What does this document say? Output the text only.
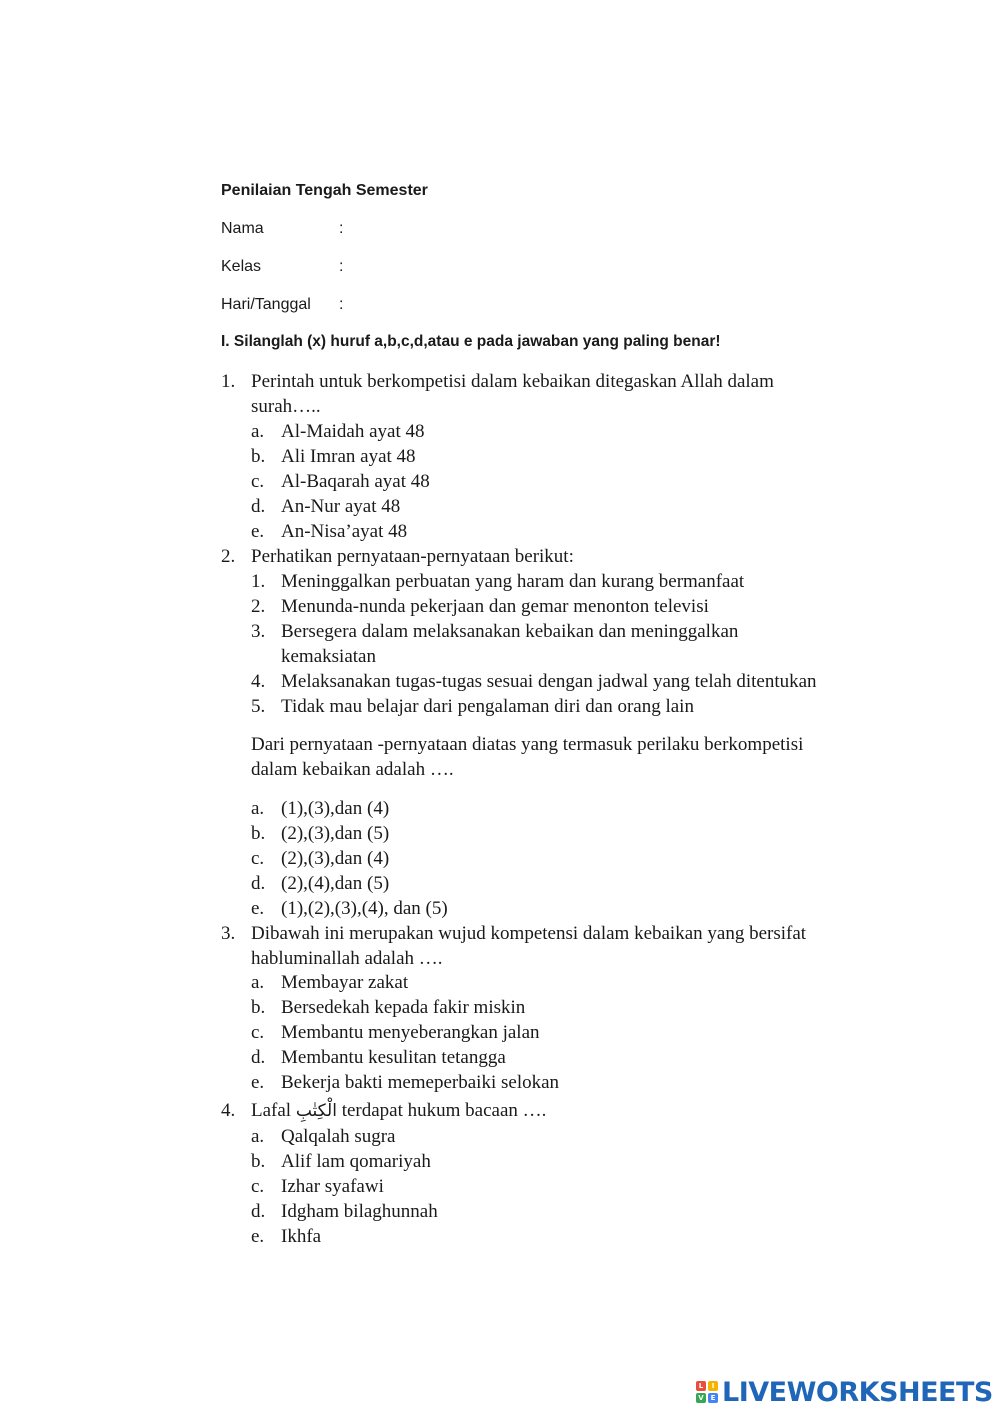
Penilaian Tengah Semester
Nama	:
Kelas	:
Hari/Tanggal :
I. Silanglah (x) huruf a,b,c,d,atau e pada jawaban yang paling benar!
1. Perintah untuk berkompetisi dalam kebaikan ditegaskan Allah dalam
surah…..
a. Al-Maidah ayat 48
b. Ali Imran ayat 48
c. Al-Baqarah ayat 48
d. An-Nur ayat 48
e. An-Nisa’ayat 48
2. Perhatikan pernyataan-pernyataan berikut:
1. Meninggalkan perbuatan yang haram dan kurang bermanfaat
2. Menunda-nunda pekerjaan dan gemar menonton televisi
3. Bersegera dalam melaksanakan kebaikan dan meninggalkan
kemaksiatan
4. Melaksanakan tugas-tugas sesuai dengan jadwal yang telah ditentukan
5. Tidak mau belajar dari pengalaman diri dan orang lain
Dari pernyataan -pernyataan diatas yang termasuk perilaku berkompetisi
dalam kebaikan adalah ….
a. (1),(3),dan (4)
b. (2),(3),dan (5)
c. (2),(3),dan (4)
d. (2),(4),dan (5)
e. (1),(2),(3),(4), dan (5)
3. Dibawah ini merupakan wujud kompetensi dalam kebaikan yang bersifat
habluminallah adalah ….
a. Membayar zakat
b. Bersedekah kepada fakir miskin
c. Membantu menyeberangkan jalan
d. Membantu kesulitan tetangga
e. Bekerja bakti memeperbaiki selokan
4. Lafal الْكِتٰبِ terdapat hukum bacaan ….
a. Qalqalah sugra
b. Alif lam qomariyah
c. Izhar syafawi
d. Idgham bilaghunnah
e. Ikhfa
L	I
V E LIVEWORKSHEETS
